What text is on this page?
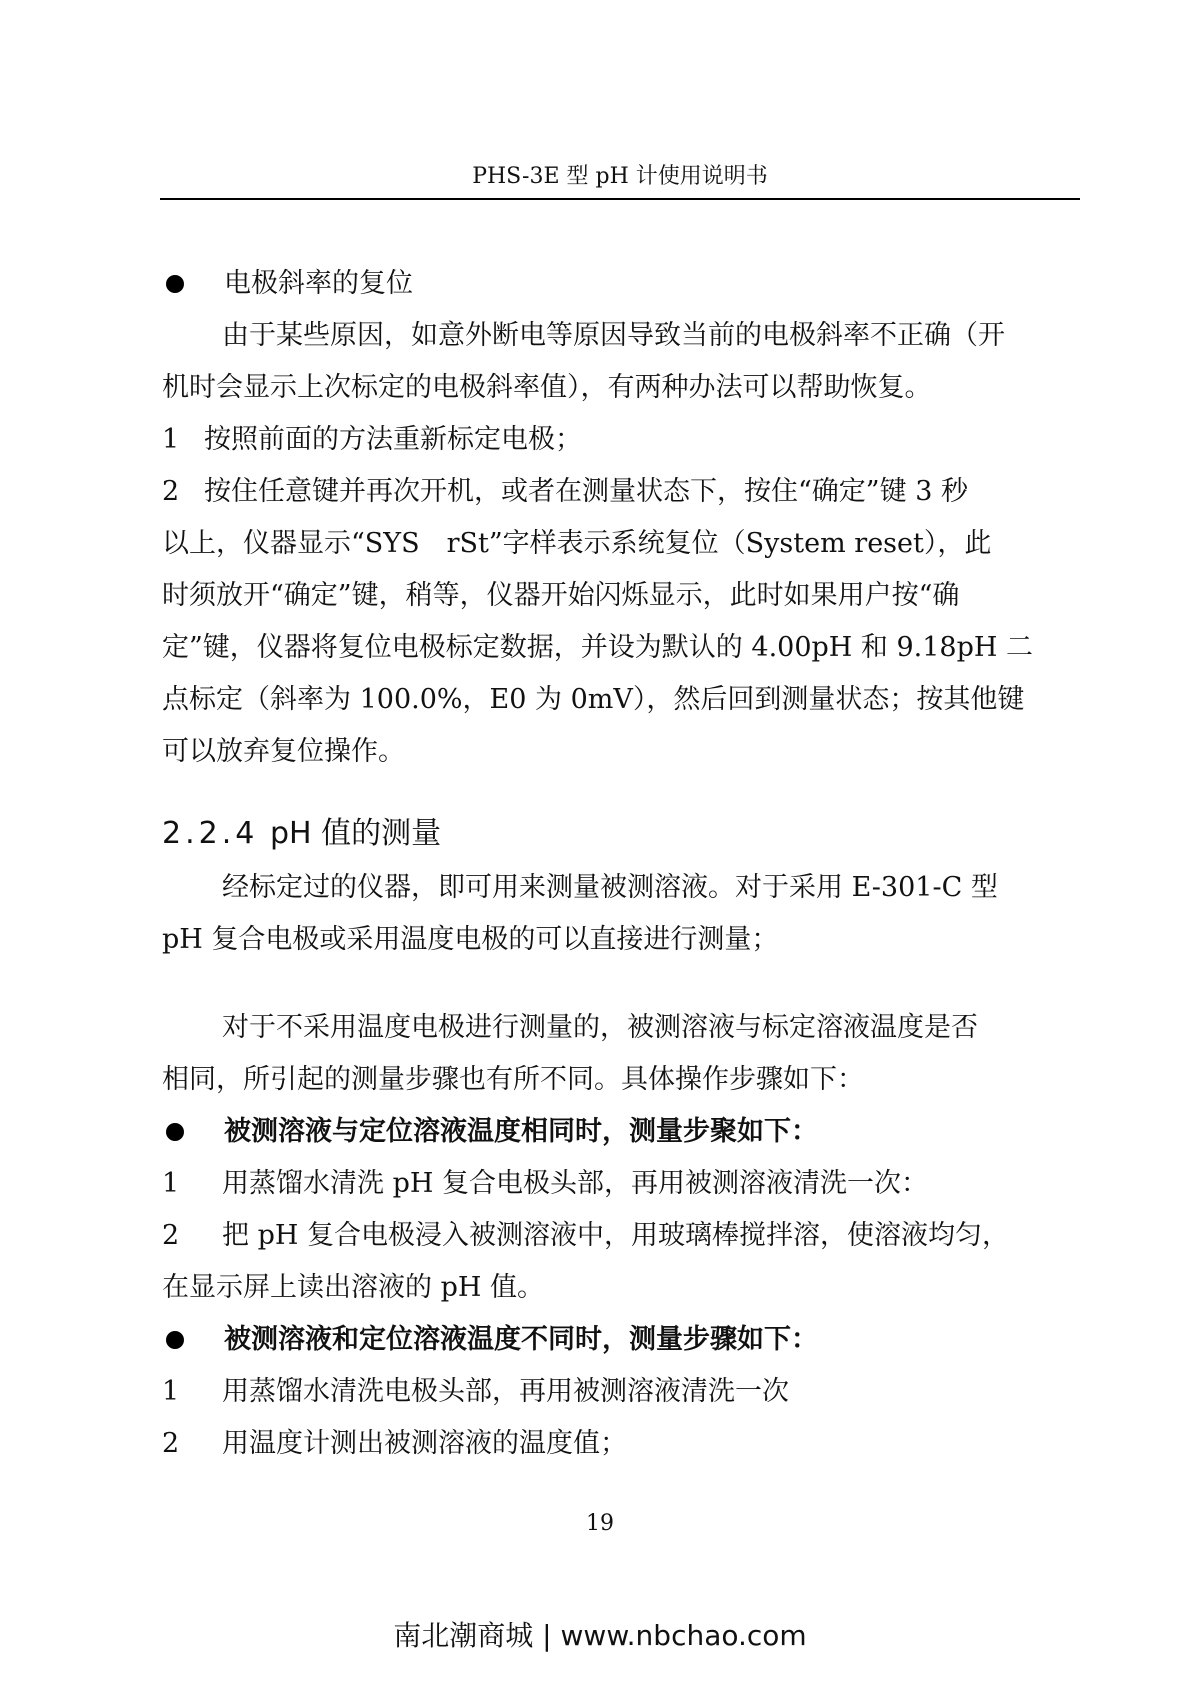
PHS-3E 型 pH 计使用说明书
电极斜率的复位
由于某些原因，如意外断电等原因导致当前的电极斜率不正确（开
机时会显示上次标定的电极斜率值），有两种办法可以帮助恢复。
1 按照前面的方法重新标定电极；
2 按住任意键并再次开机，或者在测量状态下，按住“确定”键 3 秒
以上，仪器显示“SYS　rSt”字样表示系统复位（System reset），此
时须放开“确定”键，稍等，仪器开始闪烁显示，此时如果用户按“确
定”键，仪器将复位电极标定数据，并设为默认的 4.00pH 和 9.18pH 二
点标定（斜率为 100.0%，E0 为 0mV），然后回到测量状态；按其他键
可以放弃复位操作。
2.2.4 pH 值的测量
经标定过的仪器，即可用来测量被测溶液。对于采用 E-301-C 型
pH 复合电极或采用温度电极的可以直接进行测量；
对于不采用温度电极进行测量的，被测溶液与标定溶液温度是否
相同，所引起的测量步骤也有所不同。具体操作步骤如下：
被测溶液与定位溶液温度相同时，测量步聚如下：
1	用蒸馏水清洗 pH 复合电极头部，再用被测溶液清洗一次：
2	把 pH 复合电极浸入被测溶液中，用玻璃棒搅拌溶，使溶液均匀，
在显示屏上读出溶液的 pH 值。
被测溶液和定位溶液温度不同时，测量步骤如下：
1	用蒸馏水清洗电极头部，再用被测溶液清洗一次
2	用温度计测出被测溶液的温度值；
19
南北潮商城 | www.nbchao.com
